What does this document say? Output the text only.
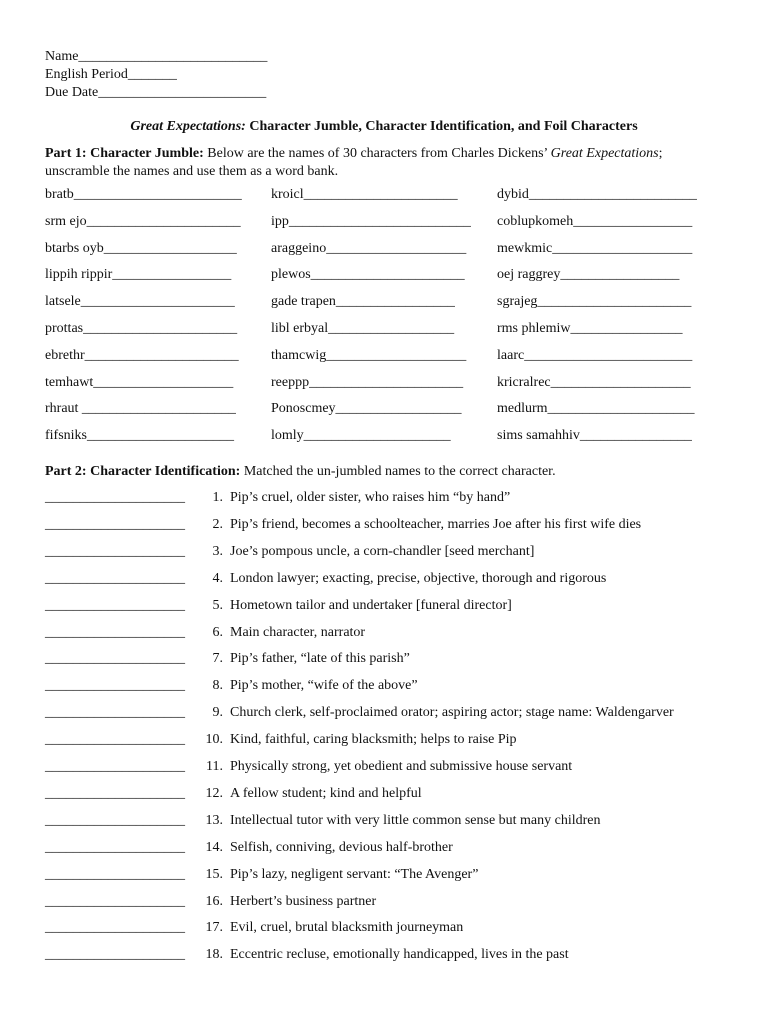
Name___________________________
English Period_______
Due Date________________________
Great Expectations: Character Jumble, Character Identification, and Foil Characters
Part 1: Character Jumble: Below are the names of 30 characters from Charles Dickens’ Great Expectations;
unscramble the names and use them as a word bank.
bratb________________________
srm ejo______________________
btarbs oyb___________________
lippih rippir_________________
latsele______________________
prottas______________________
ebrethr______________________
temhawt____________________
rhraut ______________________
fifsniks_____________________
kroicl______________________
ipp__________________________
araggeino____________________
plewos______________________
gade trapen_________________
libl erbyal__________________
thamcwig____________________
reeppp______________________
Ponoscmey__________________
lomly_____________________
dybid________________________
coblupkomeh_________________
mewkmic____________________
oej raggrey_________________
sgrajeg______________________
rms phlemiw________________
laarc________________________
kricralrec____________________
medlurm_____________________
sims samahhiv________________
Part 2: Character Identification: Matched the un-jumbled names to the correct character.
____________________ 1. Pip’s cruel, older sister, who raises him “by hand”
____________________ 2. Pip’s friend, becomes a schoolteacher, marries Joe after his first wife dies
____________________ 3. Joe’s pompous uncle, a corn-chandler [seed merchant]
____________________ 4. London lawyer; exacting, precise, objective, thorough and rigorous
____________________ 5. Hometown tailor and undertaker [funeral director]
____________________ 6. Main character, narrator
____________________ 7. Pip’s father, “late of this parish”
____________________ 8. Pip’s mother, “wife of the above”
____________________ 9. Church clerk, self-proclaimed orator; aspiring actor; stage name: Waldengarver
____________________ 10. Kind, faithful, caring blacksmith; helps to raise Pip
____________________ 11. Physically strong, yet obedient and submissive house servant
____________________ 12. A fellow student; kind and helpful
____________________ 13. Intellectual tutor with very little common sense but many children
____________________ 14. Selfish, conniving, devious half-brother
____________________ 15. Pip’s lazy, negligent servant: “The Avenger”
____________________ 16. Herbert’s business partner
____________________ 17. Evil, cruel, brutal blacksmith journeyman
____________________ 18. Eccentric recluse, emotionally handicapped, lives in the past
